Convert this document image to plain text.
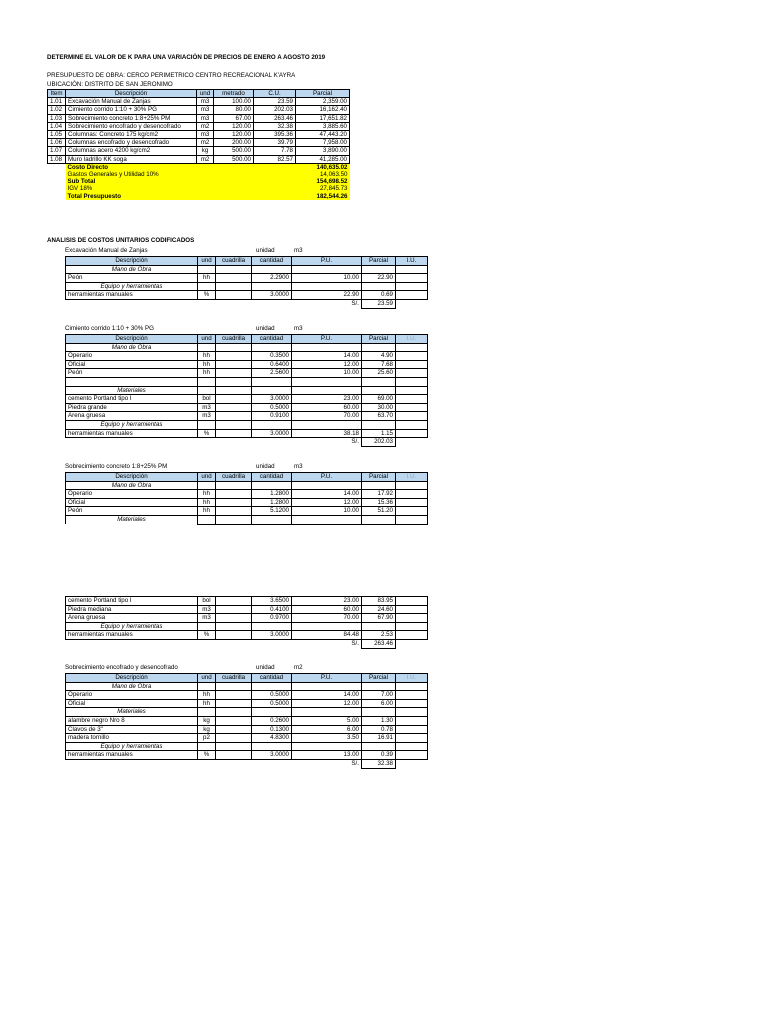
DETERMINE EL VALOR DE K PARA UNA VARIACIÓN DE PRECIOS DE ENERO A AGOSTO 2019
PRESUPUESTO DE OBRA: CERCO PERIMETRICO CENTRO RECREACIONAL K'AYRA
UBICACIÓN: DISTRITO DE SAN JERONIMO
Item	Descripción	und	metrado	C.U.	Parcial
1.01	Excavación Manual de Zanjas	m3	100.00	23.59	2,359.00
1.02	Cimiento corrido 1:10 + 30% PG	m3	80.00	202.03	16,162.40
1.03	Sobrecimiento concreto 1:8+25% PM	m3	67.00	263.46	17,651.82
1.04	Sobrecimiento encofrado y desencofrado	m2	120.00	32.38	3,885.60
1.05	Columnas: Concreto 175 kg/cm2	m3	120.00	395.36	47,443.20
1.06	Columnas encofrado y desencofrado	m2	200.00	39.79	7,958.00
1.07	Columnas acero 4200 kg/cm2	kg	500.00	7.78	3,890.00
1.08	Muro ladrillo KK soga	m2	500.00	82.57	41,285.00
	Costo Directo				140,635.02
	Gastos Generales y Utilidad 10%				14,063.50
	Sub Total				154,698.52
	IGV 18%				27,845.73
	Total Presupuesto				182,544.26
ANALISIS DE COSTOS UNITARIOS CODIFICADOS
Excavación Manual de Zanjas	unidad	m3
Descripción	und	cuadrilla	cantidad	P.U.	Parcial	I.U.
Mano de Obra						
Peón	hh		2.2900	10.00	22.90	
Equipo y herramientas						
herramientas manuales	%		3.0000	22.90	0.69	
				S/.	23.59	
Cimiento corrido 1:10 + 30% PG	unidad	m3
Descripción	und	cuadrilla	cantidad	P.U.	Parcial	I.U.
Mano de Obra						
Operario	hh		0.3500	14.00	4.90	
Oficial	hh		0.6400	12.00	7.68	
Peón	hh		2.5600	10.00	25.60	

Materiales						
cemento Portland tipo I	bol		3.0000	23.00	69.00	
Piedra grande	m3		0.5000	60.00	30.00	
Arena gruesa	m3		0.9100	70.00	63.70	
Equipo y herramientas						
herramientas manuales	%		3.0000	38.18	1.15	
				S/.	202.03	
Sobrecimiento concreto 1:8+25% PM	unidad	m3
Descripción	und	cuadrilla	cantidad	P.U.	Parcial	I.U.
Mano de Obra						
Operario	hh		1.2800	14.00	17.92	
Oficial	hh		1.2800	12.00	15.36	
Peón	hh		5.1200	10.00	51.20	
Materiales						
cemento Portland tipo I	bol		3.6500	23.00	83.95	
Piedra mediana	m3		0.4100	60.00	24.60	
Arena gruesa	m3		0.9700	70.00	67.90	
Equipo y herramientas						
herramientas manuales	%		3.0000	84.48	2.53	
				S/.	263.46	
Sobrecimiento encofrado y desencofrado	unidad	m2
Descripción	und	cuadrilla	cantidad	P.U.	Parcial	I.U.
Mano de Obra						
Operario	hh		0.5000	14.00	7.00	
Oficial	hh		0.5000	12.00	6.00	
Materiales						
alambre negro Nro 8	kg		0.2600	5.00	1.30	
Clavos de 3"	kg		0.1300	6.00	0.78	
madera tornillo	p2		4.8300	3.50	16.91	
Equipo y herramientas						
herramientas manuales	%		3.0000	13.00	0.39	
				S/.	32.38	
